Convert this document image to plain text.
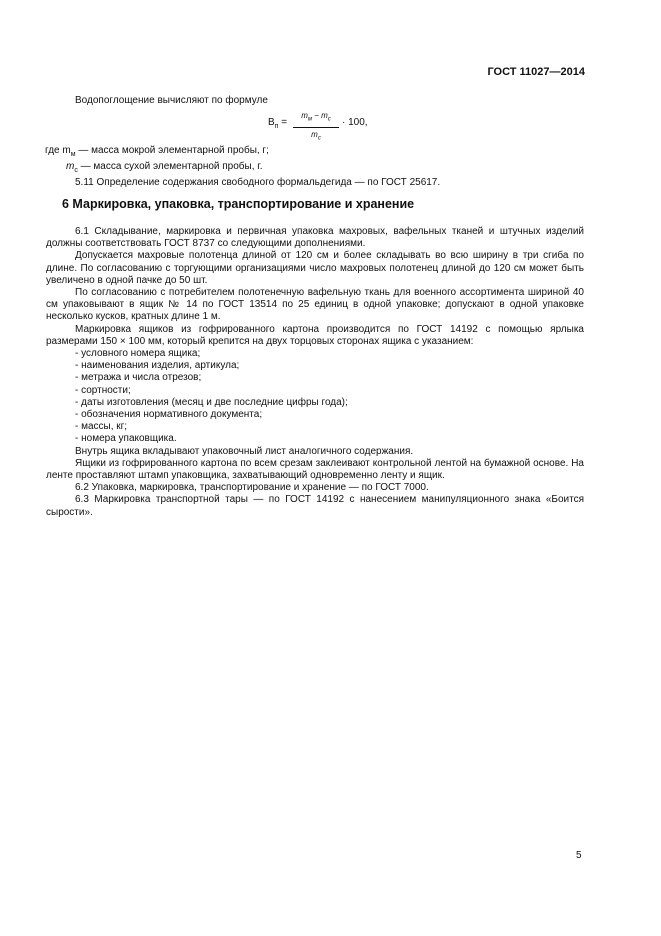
ГОСТ 11027—2014
Водопоглощение вычисляют по формуле
$В_п$ =
$m_м - m_с$
$m_с$
· 100,
где $m_м$ — масса мокрой элементарной пробы, г;
$m_с$ — масса сухой элементарной пробы, г.
5.11 Определение содержания свободного формальдегида — по ГОСТ 25617.
6 Маркировка, упаковка, транспортирование и хранение

6.1 Складывание, маркировка и первичная упаковка махровых, вафельных тканей и штучных изделий должны соответствовать ГОСТ 8737 со следующими дополнениями.

Допускается махровые полотенца длиной от 120 см и более складывать во всю ширину в три сгиба по длине. По согласованию с торгующими организациями число махровых полотенец длиной до 120 см может быть увеличено в одной пачке до 50 шт.

По согласованию с потребителем полотенечную вафельную ткань для военного ассортимента шириной 40 см упаковывают в ящик № 14 по ГОСТ 13514 по 25 единиц в одной упаковке; допускают в одной упаковке несколько кусков, кратных длине 1 м.

Маркировка ящиков из гофрированного картона производится по ГОСТ 14192 с помощью ярлыка размерами 150 × 100 мм, который крепится на двух торцовых сторонах ящика с указанием:

- условного номера ящика;

- наименования изделия, артикула;

- метража и числа отрезов;

- сортности;

- даты изготовления (месяц и две последние цифры года);

- обозначения нормативного документа;

- массы, кг;

- номера упаковщика.

Внутрь ящика вкладывают упаковочный лист аналогичного содержания.

Ящики из гофрированного картона по всем срезам заклеивают контрольной лентой на бумажной основе. На ленте проставляют штамп упаковщика, захватывающий одновременно ленту и ящик.

6.2 Упаковка, маркировка, транспортирование и хранение — по ГОСТ 7000.

6.3 Маркировка транспортной тары — по ГОСТ 14192 с нанесением манипуляционного знака «Боится сырости».

5
